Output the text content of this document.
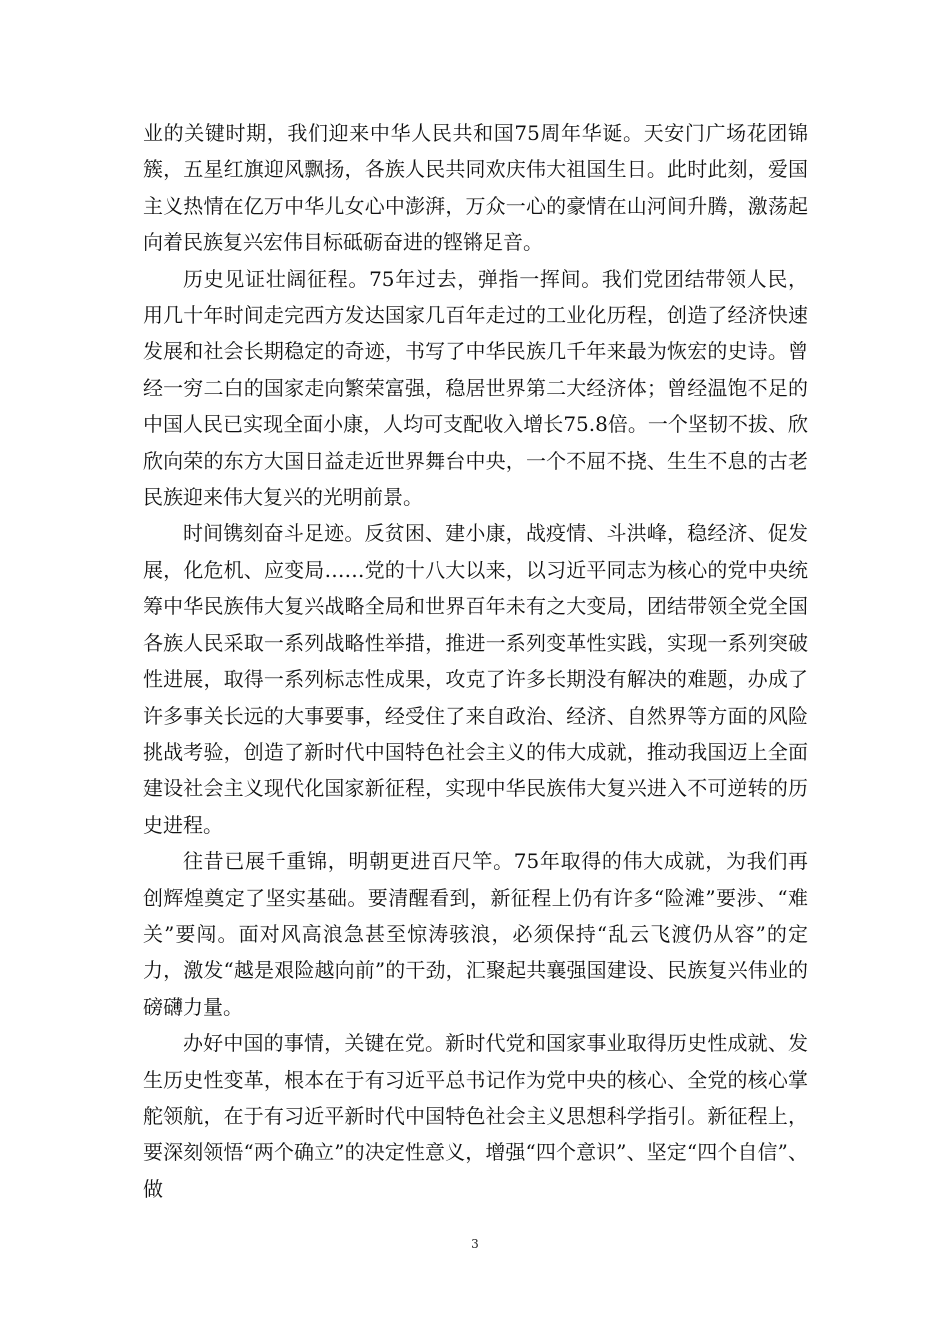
业的关键时期，我们迎来中华人民共和国75周年华诞。天安门广场花团锦簇，五星红旗迎风飘扬，各族人民共同欢庆伟大祖国生日。此时此刻，爱国主义热情在亿万中华儿女心中澎湃，万众一心的豪情在山河间升腾，激荡起向着民族复兴宏伟目标砥砺奋进的铿锵足音。

历史见证壮阔征程。75年过去，弹指一挥间。我们党团结带领人民，用几十年时间走完西方发达国家几百年走过的工业化历程，创造了经济快速发展和社会长期稳定的奇迹，书写了中华民族几千年来最为恢宏的史诗。曾经一穷二白的国家走向繁荣富强，稳居世界第二大经济体；曾经温饱不足的中国人民已实现全面小康，人均可支配收入增长75.8倍。一个坚韧不拔、欣欣向荣的东方大国日益走近世界舞台中央，一个不屈不挠、生生不息的古老民族迎来伟大复兴的光明前景。

时间镌刻奋斗足迹。反贫困、建小康，战疫情、斗洪峰，稳经济、促发展，化危机、应变局……党的十八大以来，以习近平同志为核心的党中央统筹中华民族伟大复兴战略全局和世界百年未有之大变局，团结带领全党全国各族人民采取一系列战略性举措，推进一系列变革性实践，实现一系列突破性进展，取得一系列标志性成果，攻克了许多长期没有解决的难题，办成了许多事关长远的大事要事，经受住了来自政治、经济、自然界等方面的风险挑战考验，创造了新时代中国特色社会主义的伟大成就，推动我国迈上全面建设社会主义现代化国家新征程，实现中华民族伟大复兴进入不可逆转的历史进程。

往昔已展千重锦，明朝更进百尺竿。75年取得的伟大成就，为我们再创辉煌奠定了坚实基础。要清醒看到，新征程上仍有许多“险滩”要涉、“难关”要闯。面对风高浪急甚至惊涛骇浪，必须保持“乱云飞渡仍从容”的定力，激发“越是艰险越向前”的干劲，汇聚起共襄强国建设、民族复兴伟业的磅礴力量。

办好中国的事情，关键在党。新时代党和国家事业取得历史性成就、发生历史性变革，根本在于有习近平总书记作为党中央的核心、全党的核心掌舵领航，在于有习近平新时代中国特色社会主义思想科学指引。新征程上，要深刻领悟“两个确立”的决定性意义，增强“四个意识”、坚定“四个自信”、做

3
